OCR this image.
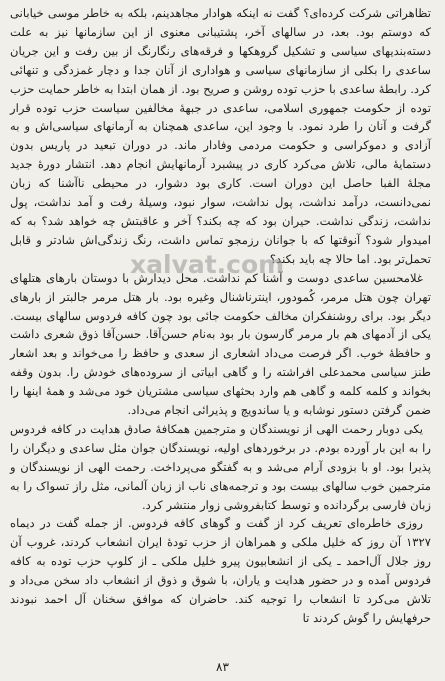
تظاهراتی شرکت کرده‌ای؟ گفت نه اینکه هوادار مجاهدینم، بلکه به خاطر موسی خیابانی که دوستم بود. بعد، در سالهای آخر، پشتیبانی معنوی از این سازمانها نیز به علت دسته‌بندیهای سیاسی و تشکیل گروهکها و فرقه‌های رنگارنگ از بین رفت و این جریان ساعدی را بکلی از سازمانهای سیاسی و هواداری از آنان جدا و دچار غمزدگی و تنهائی کرد. رابطهٔ ساعدی با حزب توده روشن و صریح بود. از همان ابتدا به خاطر حمایت حزب توده از حکومت جمهوری اسلامی، ساعدی در جبههٔ مخالفین سیاست حزب توده قرار گرفت و آنان را طرد نمود. با وجود این، ساعدی همچنان به آرمانهای سیاسی‌اش و به آزادی و دموکراسی و حکومت مردمی وفادار ماند. در دوران تبعید در پاریس بدون دستمایهٔ مالی، تلاش می‌کرد کاری در پیشبرد آرمانهایش انجام دهد. انتشار دورهٔ جدید مجلهٔ الفبا حاصل این دوران است. کاری بود دشوار، در محیطی ناآشنا که زبان نمی‌دانست، درآمد نداشت، پول نداشت، سوار نبود، وسیلهٔ رفت و آمد نداشت، پول نداشت، زندگی نداشت. حیران بود که چه بکند؟ آخر و عاقبتش چه خواهد شد؟ به که امیدوار شود؟ آنوقتها که با جوانان رزمجو تماس داشت، رنگ زندگی‌اش شادتر و قابل تحمل‌تر بود. اما حالا چه باید بکند؟

غلامحسین ساعدی دوست و آشنا کم نداشت. محل دیدارش با دوستان بارهای هتلهای تهران چون هتل مرمر، کُمودور، اینترناشنال وغیره بود. بار هتل مرمر جالبتر از بارهای دیگر بود. برای روشنفکران مخالف حکومت جائی بود چون کافه فردوس سالهای بیست. یکی از آدمهای هم بار مرمر گارسون بار بود به‌نام حسن‌آقا. حسن‌آقا ذوق شعری داشت و حافظهٔ خوب. اگر فرصت می‌داد اشعاری از سعدی و حافظ را می‌خواند و بعد اشعار طنز سیاسی محمدعلی افراشته را و گاهی ابیاتی از سروده‌های خودش را. بدون وقفه بخواند و کلمه کلمه و گاهی هم وارد بحثهای سیاسی مشتریان خود می‌شد و همهٔ اینها را ضمن گرفتن دستور نوشابه و یا ساندویچ و پذیرائی انجام می‌داد.

یکی دوبار رحمت الهی از نویسندگان و مترجمین همکافهٔ صادق هدایت در کافه فردوس را به این بار آورده بودم. در برخوردهای اولیه، نویسندگان جوان مثل ساعدی و دیگران را پذیرا بود. او با بزودی آرام می‌شد و به گفتگو می‌پرداخت. رحمت الهی از نویسندگان و مترجمین خوب سالهای بیست بود و ترجمه‌های ناب از زبان آلمانی، مثل راز تسواک را به زبان فارسی برگردانده و توسط کتابفروشی زوار منتشر کرد.

روزی خاطره‌ای تعریف کرد از گفت و گوهای کافه فردوس. از جمله گفت در دیماه ۱۳۲۷ آن روز که خلیل ملکی و همراهان از حزب تودهٔ ایران انشعاب کردند، غروب آن روز جلال آل‌احمد ـ یکی از انشعابیون پیرو خلیل ملکی ـ از کلوپ حزب توده به کافه فردوس آمده و در حضور هدایت و یاران، با شوق و ذوق از انشعاب داد سخن می‌داد و تلاش می‌کرد تا انشعاب را توجیه کند. حاضران که موافق سخنان آل احمد نبودند حرفهایش را گوش کردند تا

xalvat.com
۸۳
